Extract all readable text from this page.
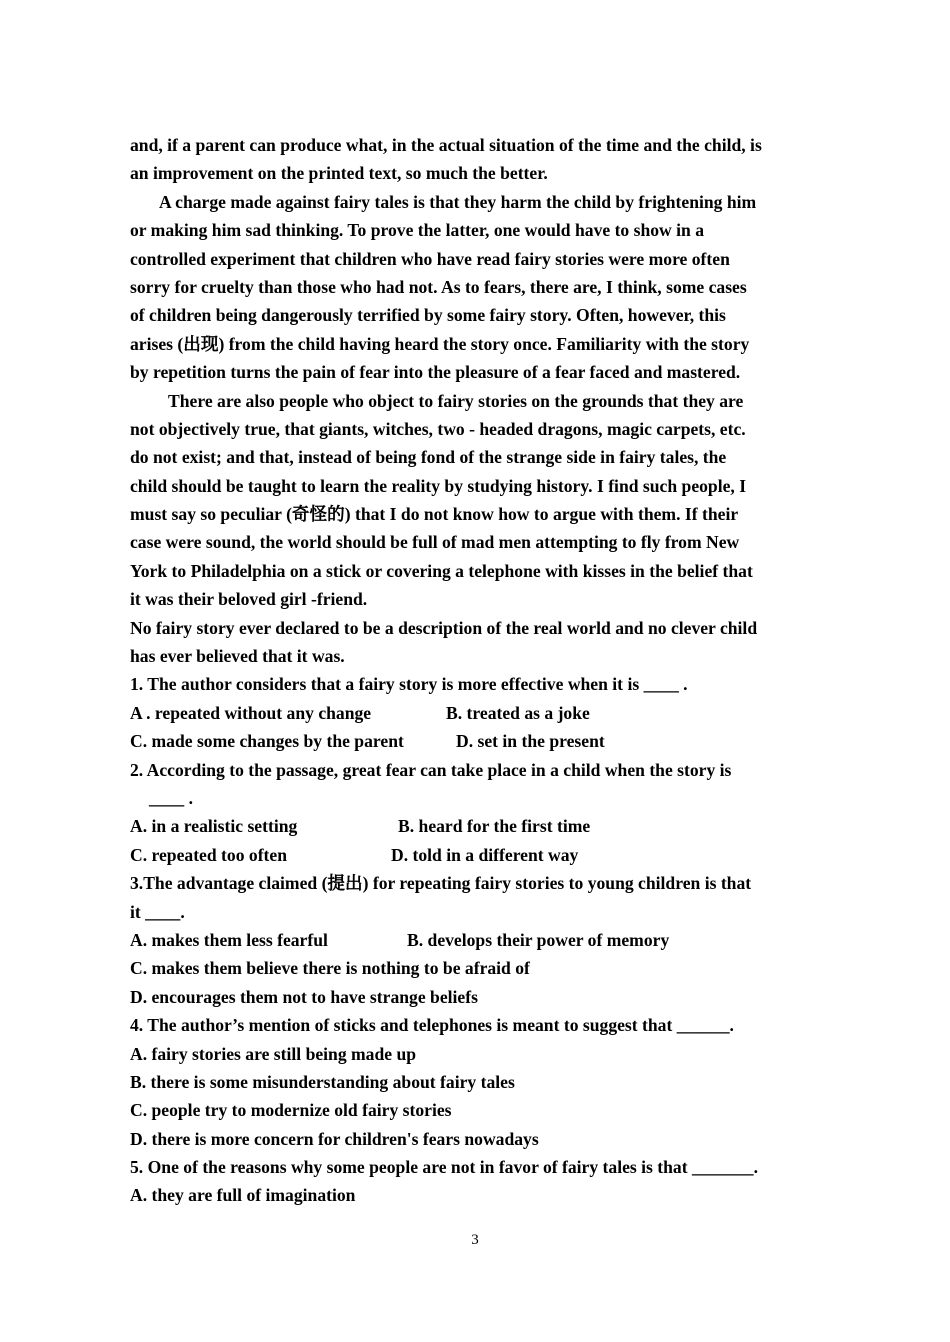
and, if a parent can produce what, in the actual situation of the time and the child, is
an improvement on the printed text, so much the better.
A charge made against fairy tales is that they harm the child by frightening him
or making him sad thinking. To prove the latter, one would have to show in a
controlled experiment that children who have read fairy stories were more often
sorry for cruelty than those who had not. As to fears, there are, I think, some cases
of children being dangerously terrified by some fairy story. Often, however, this
arises (出现) from the child having heard the story once. Familiarity with the story
by repetition turns the pain of fear into the pleasure of a fear faced and mastered.
There are also people who object to fairy stories on the grounds that they are
not objectively true, that giants, witches, two - headed dragons, magic carpets, etc.
do not exist; and that, instead of being fond of the strange side in fairy tales, the
child should be taught to learn the reality by studying history. I find such people, I
must say so peculiar (奇怪的) that I do not know how to argue with them. If their
case were sound, the world should be full of mad men attempting to fly from New
York to Philadelphia on a stick or covering a telephone with kisses in the belief that
it was their beloved girl -friend.
No fairy story ever declared to be a description of the real world and no clever child
has ever believed that it was.
1. The author considers that a fairy story is more effective when it is ____ .
A . repeated without any change	B. treated as a joke
C. made some changes by the parent	D. set in the present
2. According to the passage, great fear can take place in a child when the story is
____ .
A. in a realistic setting	B. heard for the first time
C. repeated too often	D. told in a different way
3.The advantage claimed (提出) for repeating fairy stories to young children is that
it ____.
A. makes them less fearful	B. develops their power of memory
C. makes them believe there is nothing to be afraid of
D. encourages them not to have strange beliefs
4. The author’s mention of sticks and telephones is meant to suggest that ______.
A. fairy stories are still being made up
B. there is some misunderstanding about fairy tales
C. people try to modernize old fairy stories
D. there is more concern for children's fears nowadays
5. One of the reasons why some people are not in favor of fairy tales is that _______.
A. they are full of imagination
3
